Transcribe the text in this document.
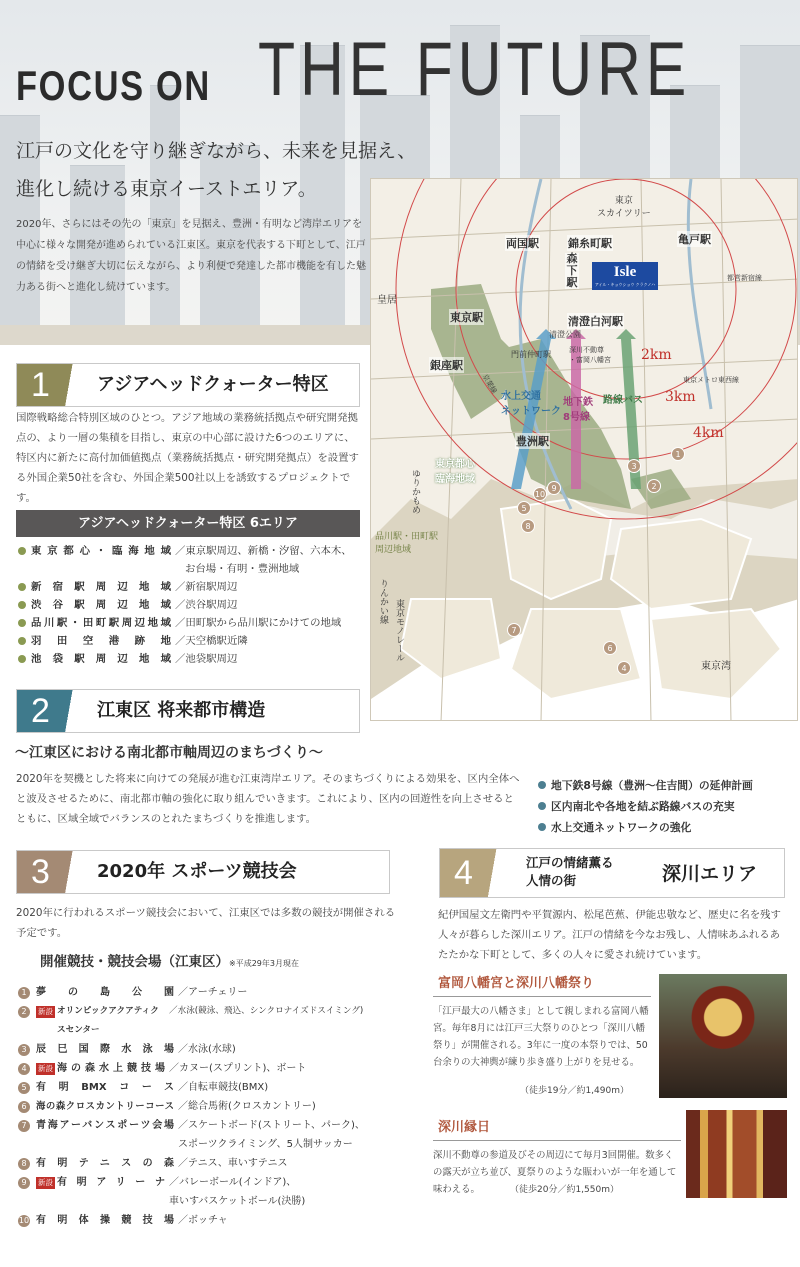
FOCUS ON THE FUTURE
江戸の文化を守り継ぎながら、未来を見据え、
進化し続ける東京イーストエリア。
2020年、さらにはその先の「東京」を見据え、豊洲・有明など湾岸エリアを中心に様々な開発が進められている江東区。東京を代表する下町として、江戸の情緒を受け継ぎ大切に伝えながら、より利便で発達した都市機能を有した魅力ある街へと進化し続けています。
東京
スカイツリー
両国駅	錦糸町駅	亀戸駅
森下駅
皇居
東京駅
銀座駅
清澄白河駅
清澄公園
門前仲町駅	深川不動尊
・富岡八幡宮
豊洲駅
水上交通
ネットワーク
地下鉄
8号線
路線バス
東京都心
臨海地域
品川駅・田町駅
周辺地域
ゆりかもめ
りんかい線 東京モノレール
東京湾
都営新宿線
東京メトロ東西線
京葉線
2km
3km
4km
Isle
アイル・キョウショウ クラクノハ
1
2
3
4
5
6
7
8
9
10
1	アジアヘッドクォーター特区
国際戦略総合特別区域のひとつ。アジア地域の業務統括拠点や研究開発拠点の、より一層の集積を目指し、東京の中心部に設けた6つのエリアに、特区内に新たに高付加価値拠点（業務統括拠点・研究開発拠点）を設置する外国企業50社を含む、外国企業500社以上を誘致するプロジェクトです。
アジアヘッドクォーター特区 6エリア
東京都心・臨海地域 ／東京駅周辺、新橋・汐留、六本木、
お台場・有明・豊洲地域
新宿駅周辺地域 ／新宿駅周辺
渋谷駅周辺地域 ／渋谷駅周辺
品川駅・田町駅周辺地域 ／田町駅から品川駅にかけての地域
羽田空港跡地 ／天空橋駅近隣
池袋駅周辺地域 ／池袋駅周辺
2	江東区 将来都市構造
〜江東区における南北都市軸周辺のまちづくり〜
2020年を契機とした将来に向けての発展が進む江東湾岸エリア。そのまちづくりによる効果を、区内全体へと波及させるために、南北都市軸の強化に取り組んでいきます。これにより、区内の回遊性を向上させるとともに、区域全域でバランスのとれたまちづくりを推進します。
地下鉄8号線（豊洲〜住吉間）の延伸計画
区内南北や各地を結ぶ路線バスの充実
水上交通ネットワークの強化
3	2020年 スポーツ競技会
2020年に行われるスポーツ競技会において、江東区では多数の競技が開催される予定です。
開催競技・競技会場（江東区）※平成29年3月現在
1 夢の島公園 ／アーチェリー
2	新設 オリンピックアクアティクスセンター
／水泳(競泳、飛込、シンクロナイズドスイミング)
3 辰巳国際水泳場 ／水泳(水球)
4	新設 海の森水上競技場 ／カヌー(スプリント)、ボート
5 有明BMXコース ／自転車競技(BMX)
6	海の森クロスカントリーコース ／総合馬術(クロスカントリー)
7 青海アーバンスポーツ会場 ／スケートボード(ストリート、パーク)、
スポーツクライミング、5人制サッカー
8 有明テニスの森 ／テニス、車いすテニス
9	新設 有明アリーナ ／バレーボール(インドア)、
車いすバスケットボール(決勝)
10 有明体操競技場 ／ボッチャ
4	江戸の情緒薫る
人情の街	深川エリア
紀伊国屋文左衛門や平賀源内、松尾芭蕉、伊能忠敬など、歴史に名を残す人々が暮らした深川エリア。江戸の情緒を今なお残し、人情味あふれるあたたかな下町として、多くの人々に愛され続けています。
富岡八幡宮と深川八幡祭り
「江戸最大の八幡さま」として親しまれる富岡八幡宮。毎年8月には江戸三大祭りのひとつ「深川八幡祭り」が開催される。3年に一度の本祭りでは、50台余りの大神輿が練り歩き盛り上がりを見せる。
（徒歩19分／約1,490m）
深川縁日
深川不動尊の参道及びその周辺にて毎月3回開催。数多くの露天が立ち並び、夏祭りのような賑わいが一年を通して味わえる。	（徒歩20分／約1,550m）
